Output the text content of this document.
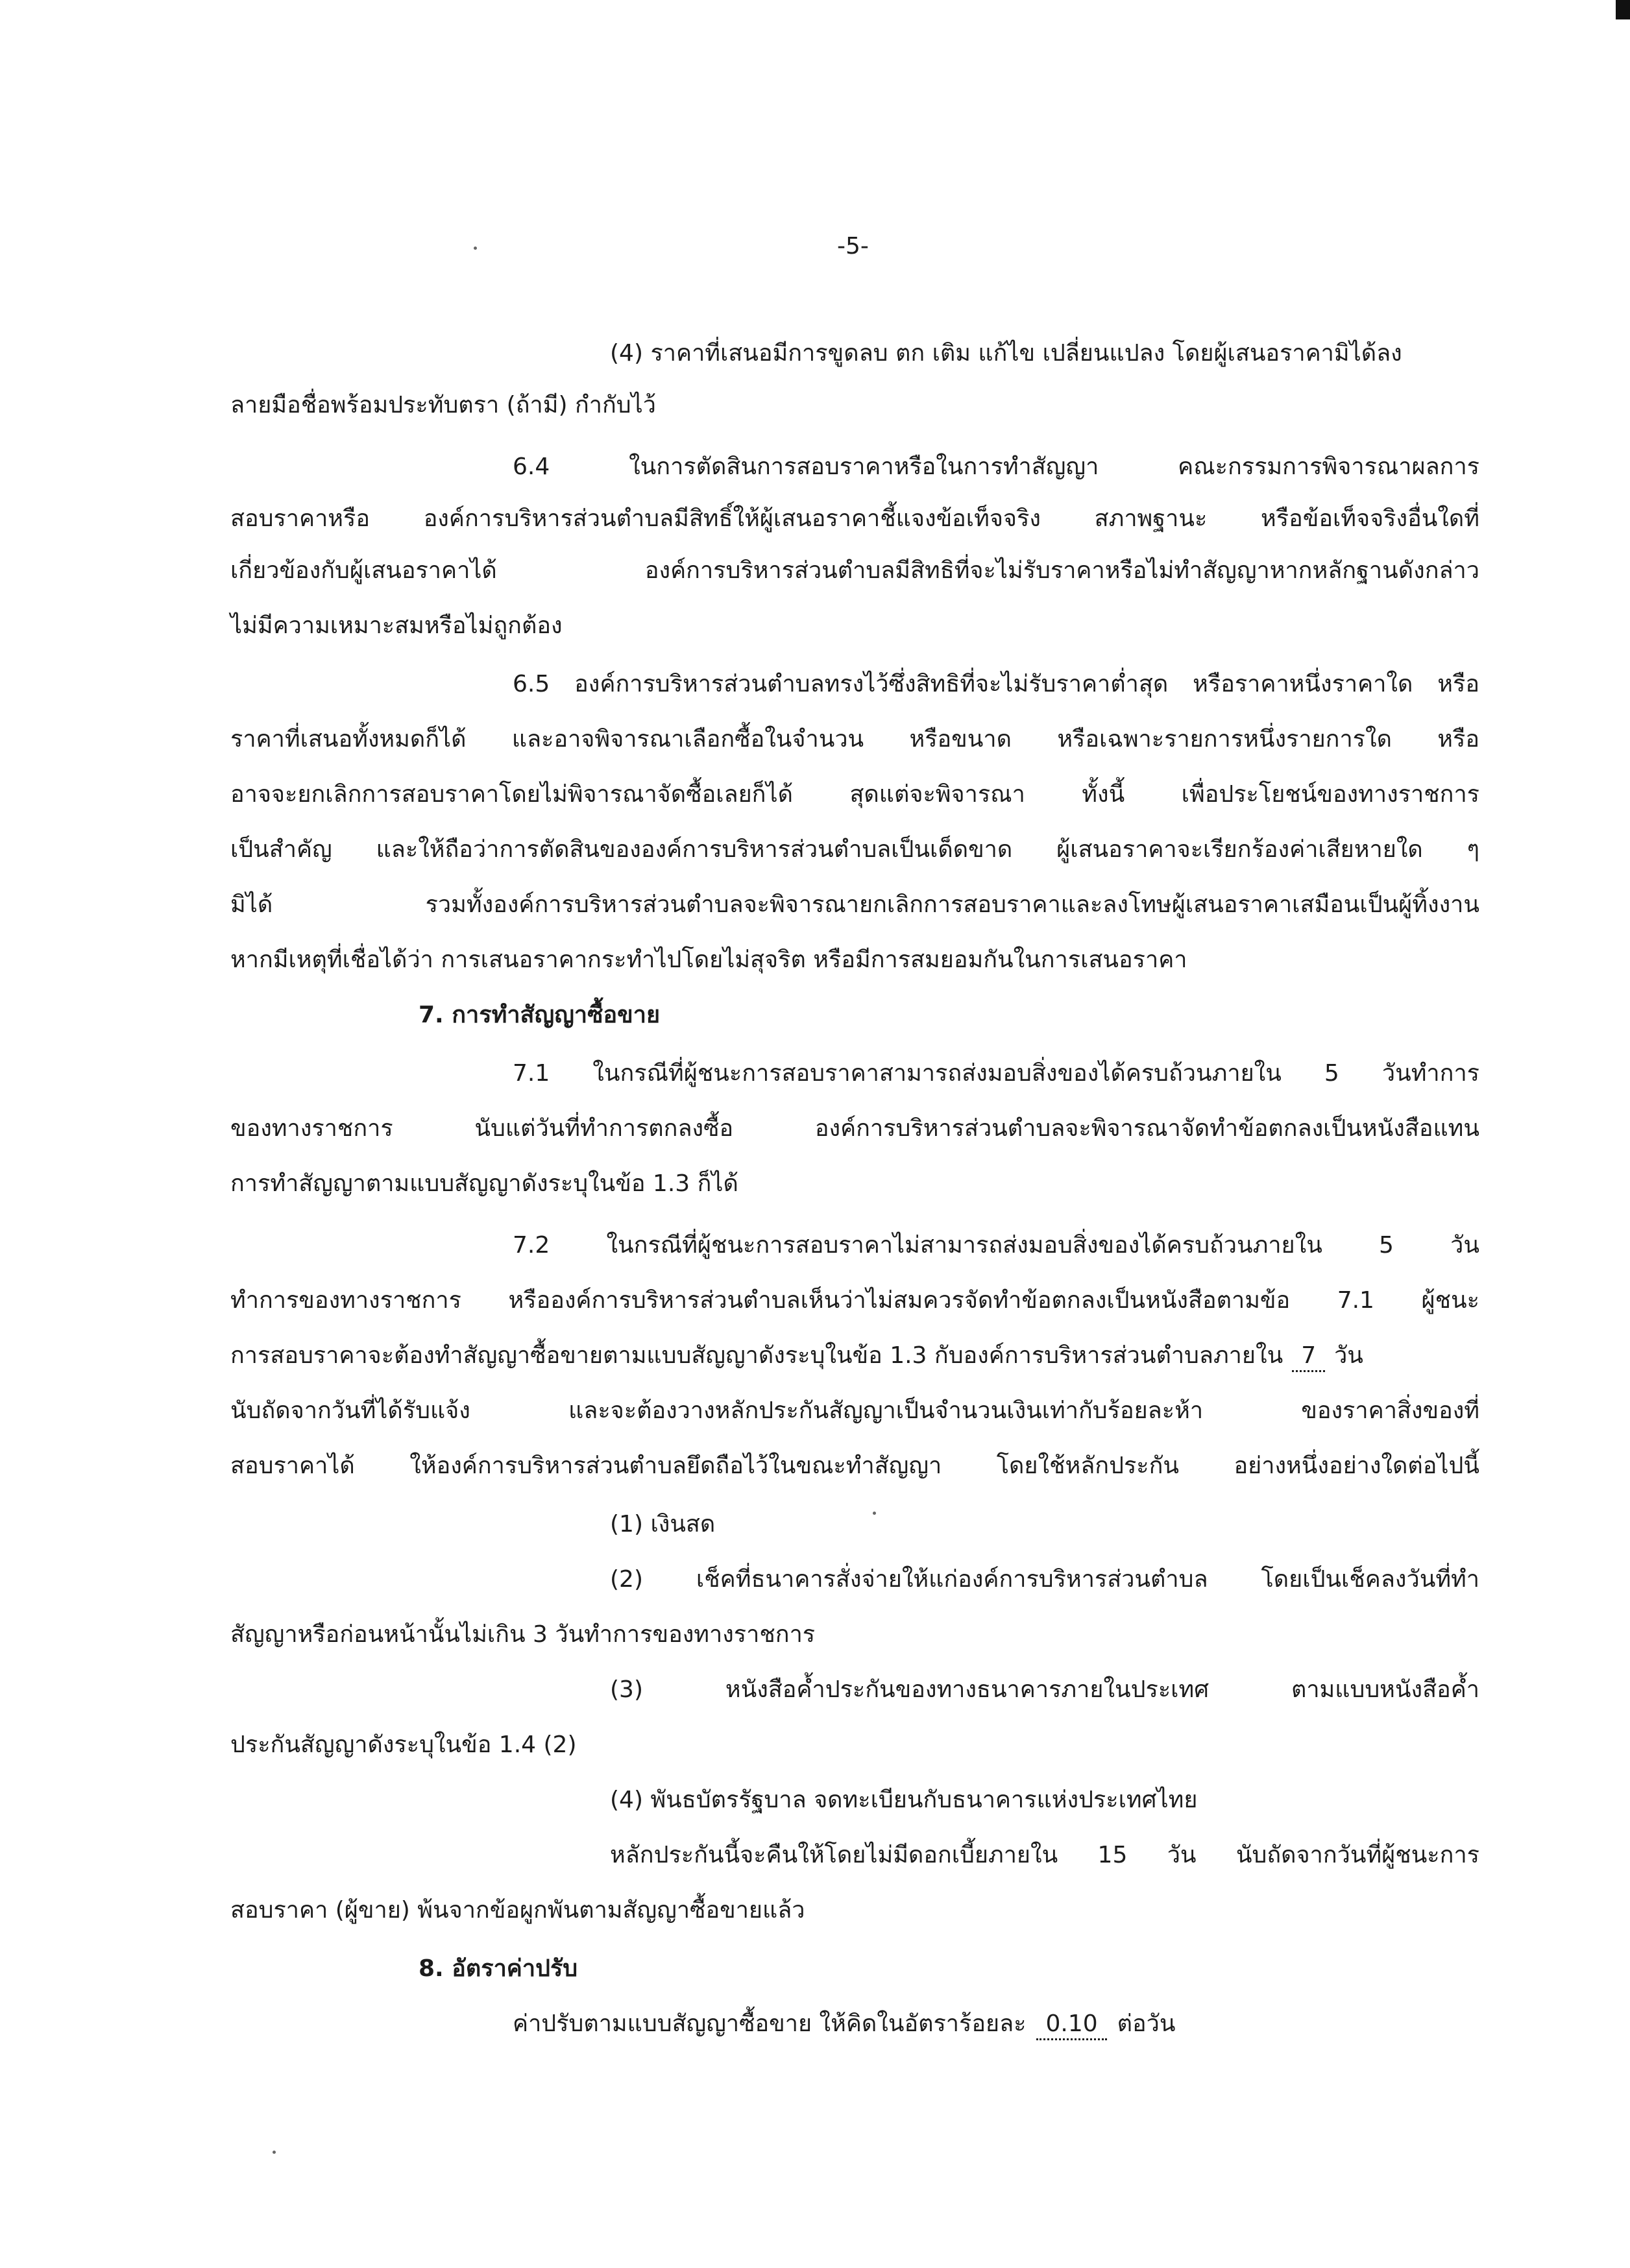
-5-
(4) ราคาที่เสนอมีการขูดลบ ตก เติม แก้ไข เปลี่ยนแปลง โดยผู้เสนอราคามิได้ลง
ลายมือชื่อพร้อมประทับตรา (ถ้ามี) กำกับไว้
6.4 ในการตัดสินการสอบราคาหรือในการทำสัญญา คณะกรรมการพิจารณาผลการ
สอบราคาหรือ องค์การบริหารส่วนตำบลมีสิทธิ์ให้ผู้เสนอราคาชี้แจงข้อเท็จจริง สภาพฐานะ หรือข้อเท็จจริงอื่นใดที่
เกี่ยวข้องกับผู้เสนอราคาได้ องค์การบริหารส่วนตำบลมีสิทธิที่จะไม่รับราคาหรือไม่ทำสัญญาหากหลักฐานดังกล่าว
ไม่มีความเหมาะสมหรือไม่ถูกต้อง
6.5 องค์การบริหารส่วนตำบลทรงไว้ซึ่งสิทธิที่จะไม่รับราคาต่ำสุด หรือราคาหนึ่งราคาใด หรือ
ราคาที่เสนอทั้งหมดก็ได้ และอาจพิจารณาเลือกซื้อในจำนวน หรือขนาด หรือเฉพาะรายการหนึ่งรายการใด หรือ
อาจจะยกเลิกการสอบราคาโดยไม่พิจารณาจัดซื้อเลยก็ได้ สุดแต่จะพิจารณา ทั้งนี้ เพื่อประโยชน์ของทางราชการ
เป็นสำคัญ และให้ถือว่าการตัดสินขององค์การบริหารส่วนตำบลเป็นเด็ดขาด ผู้เสนอราคาจะเรียกร้องค่าเสียหายใด ๆ
มิได้ รวมทั้งองค์การบริหารส่วนตำบลจะพิจารณายกเลิกการสอบราคาและลงโทษผู้เสนอราคาเสมือนเป็นผู้ทิ้งงาน
หากมีเหตุที่เชื่อได้ว่า การเสนอราคากระทำไปโดยไม่สุจริต หรือมีการสมยอมกันในการเสนอราคา
7. การทำสัญญาซื้อขาย
7.1 ในกรณีที่ผู้ชนะการสอบราคาสามารถส่งมอบสิ่งของได้ครบถ้วนภายใน 5 วันทำการ
ของทางราชการ นับแต่วันที่ทำการตกลงซื้อ องค์การบริหารส่วนตำบลจะพิจารณาจัดทำข้อตกลงเป็นหนังสือแทน
การทำสัญญาตามแบบสัญญาดังระบุในข้อ 1.3 ก็ได้
7.2 ในกรณีที่ผู้ชนะการสอบราคาไม่สามารถส่งมอบสิ่งของได้ครบถ้วนภายใน 5 วัน
ทำการของทางราชการ หรือองค์การบริหารส่วนตำบลเห็นว่าไม่สมควรจัดทำข้อตกลงเป็นหนังสือตามข้อ 7.1 ผู้ชนะ
การสอบราคาจะต้องทำสัญญาซื้อขายตามแบบสัญญาดังระบุในข้อ 1.3 กับองค์การบริหารส่วนตำบลภายใน 7 วัน
นับถัดจากวันที่ได้รับแจ้ง และจะต้องวางหลักประกันสัญญาเป็นจำนวนเงินเท่ากับร้อยละห้า ของราคาสิ่งของที่
สอบราคาได้ ให้องค์การบริหารส่วนตำบลยึดถือไว้ในขณะทำสัญญา โดยใช้หลักประกัน อย่างหนึ่งอย่างใดต่อไปนี้
(1) เงินสด
(2) เช็คที่ธนาคารสั่งจ่ายให้แก่องค์การบริหารส่วนตำบล โดยเป็นเช็คลงวันที่ทำ
สัญญาหรือก่อนหน้านั้นไม่เกิน 3 วันทำการของทางราชการ
(3) หนังสือค้ำประกันของทางธนาคารภายในประเทศ ตามแบบหนังสือค้ำ
ประกันสัญญาดังระบุในข้อ 1.4 (2)
(4) พันธบัตรรัฐบาล จดทะเบียนกับธนาคารแห่งประเทศไทย
หลักประกันนี้จะคืนให้โดยไม่มีดอกเบี้ยภายใน 15 วัน นับถัดจากวันที่ผู้ชนะการ
สอบราคา (ผู้ขาย) พ้นจากข้อผูกพันตามสัญญาซื้อขายแล้ว
8. อัตราค่าปรับ
ค่าปรับตามแบบสัญญาซื้อขาย ให้คิดในอัตราร้อยละ 0.10 ต่อวัน
